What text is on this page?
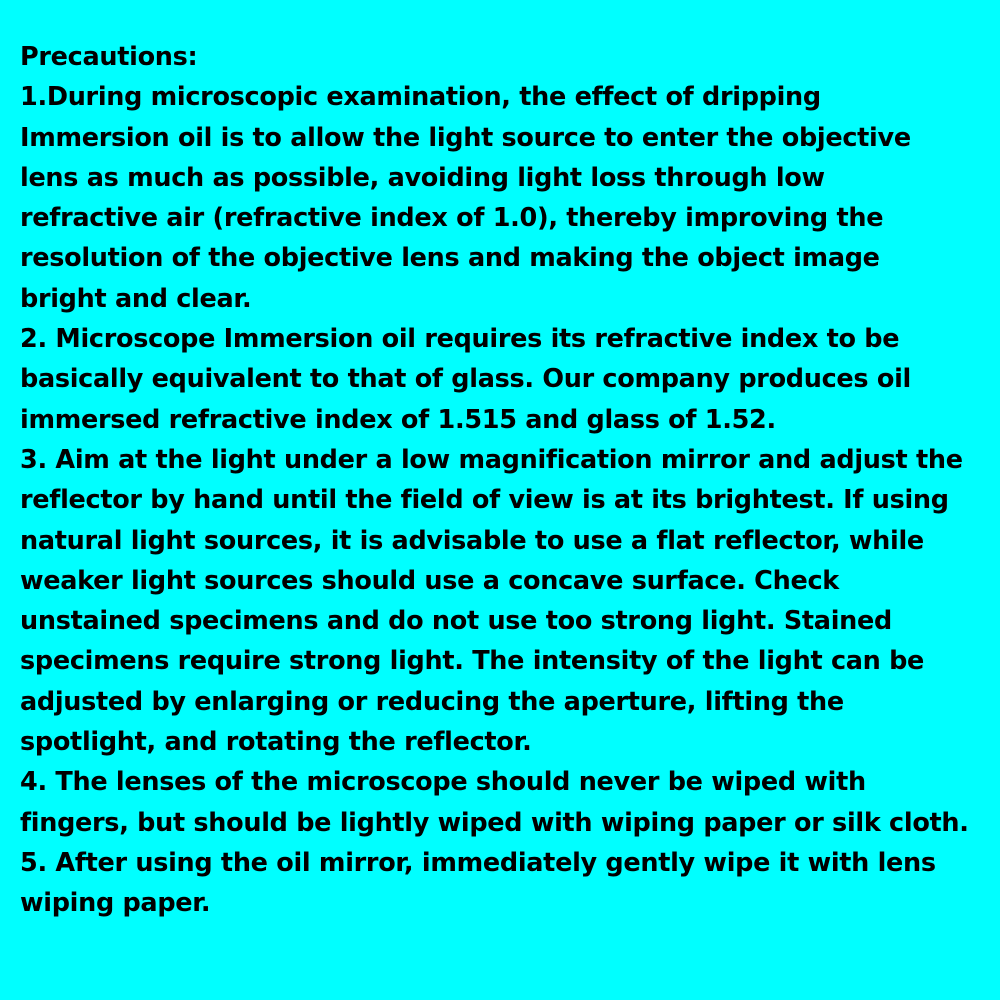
Precautions:
1.During microscopic examination, the effect of dripping
Immersion oil is to allow the light source to enter the objective
lens as much as possible, avoiding light loss through low
refractive air (refractive index of 1.0), thereby improving the
resolution of the objective lens and making the object image
bright and clear.
2. Microscope Immersion oil requires its refractive index to be
basically equivalent to that of glass. Our company produces oil
immersed refractive index of 1.515 and glass of 1.52.
3. Aim at the light under a low magnification mirror and adjust the
reflector by hand until the field of view is at its brightest. If using
natural light sources, it is advisable to use a flat reflector, while
weaker light sources should use a concave surface. Check
unstained specimens and do not use too strong light. Stained
specimens require strong light. The intensity of the light can be
adjusted by enlarging or reducing the aperture, lifting the
spotlight, and rotating the reflector.
4. The lenses of the microscope should never be wiped with
fingers, but should be lightly wiped with wiping paper or silk cloth.
5. After using the oil mirror, immediately gently wipe it with lens
wiping paper.
